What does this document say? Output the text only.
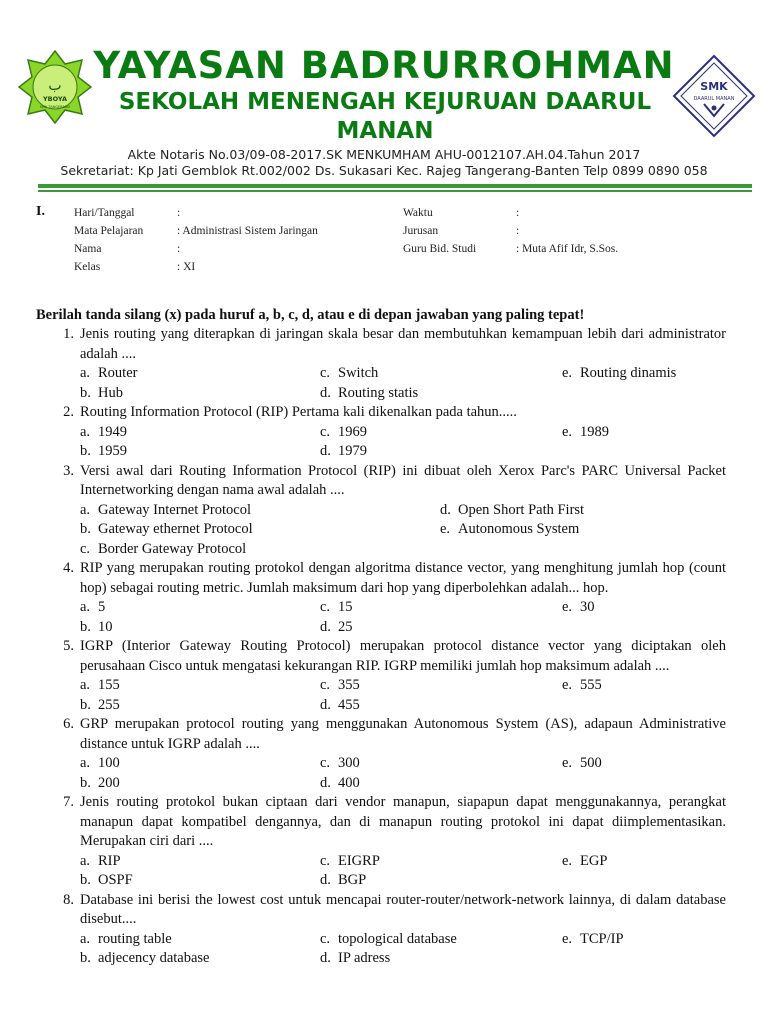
ب
YBOYA
SMK TANGERANG
YAYASAN BADRURROHMAN
SEKOLAH MENENGAH KEJURUAN DAARUL MANAN
Akte Notaris No.03/09-08-2017.SK MENKUMHAM AHU-0012107.AH.04.Tahun 2017
Sekretariat: Kp Jati Gemblok Rt.002/002 Ds. Sukasari Kec. Rajeg Tangerang-Banten Telp 0899 0890 058
SMK
DAARUL MANAN
I.	Hari/Tanggal	:
Mata Pelajaran	: Administrasi Sistem Jaringan
Nama	:
Kelas	: XI
Waktu	:
Jurusan	:
Guru Bid. Studi	: Muta Afif Idr, S.Sos.
Berilah tanda silang (x) pada huruf a, b, c, d, atau e di depan jawaban yang paling tepat!
1. Jenis routing yang diterapkan di jaringan skala besar dan membutuhkan kemampuan lebih dari administrator adalah ....
a. Router	c. Switch	e. Routing dinamis
b. Hub	d. Routing statis
2. Routing Information Protocol (RIP) Pertama kali dikenalkan pada tahun.....
a. 1949	c. 1969	e. 1989
b. 1959	d. 1979
3. Versi awal dari Routing Information Protocol (RIP) ini dibuat oleh Xerox Parc's PARC Universal Packet Internetworking dengan nama awal adalah ....
a. Gateway Internet Protocol	d. Open Short Path First
b. Gateway ethernet Protocol	e. Autonomous System
c. Border Gateway Protocol
4. RIP yang merupakan routing protokol dengan algoritma distance vector, yang menghitung jumlah hop (count hop) sebagai routing metric. Jumlah maksimum dari hop yang diperbolehkan adalah... hop.
a. 5	c. 15	e. 30
b. 10	d. 25
5. IGRP (Interior Gateway Routing Protocol) merupakan protocol distance vector yang diciptakan oleh perusahaan Cisco untuk mengatasi kekurangan RIP. IGRP memiliki jumlah hop maksimum adalah ....
a. 155	c. 355	e. 555
b. 255	d. 455
6. GRP merupakan protocol routing yang menggunakan Autonomous System (AS), adapaun Administrative distance untuk IGRP adalah ....
a. 100	c. 300	e. 500
b. 200	d. 400
7. Jenis routing protokol bukan ciptaan dari vendor manapun, siapapun dapat menggunakannya, perangkat manapun dapat kompatibel dengannya, dan di manapun routing protokol ini dapat diimplementasikan. Merupakan ciri dari ....
a. RIP	c. EIGRP	e. EGP
b. OSPF	d. BGP
8. Database ini berisi the lowest cost untuk mencapai router-router/network-network lainnya, di dalam database disebut....
a. routing table	c. topological database	e. TCP/IP
b. adjecency database	d. IP adress
